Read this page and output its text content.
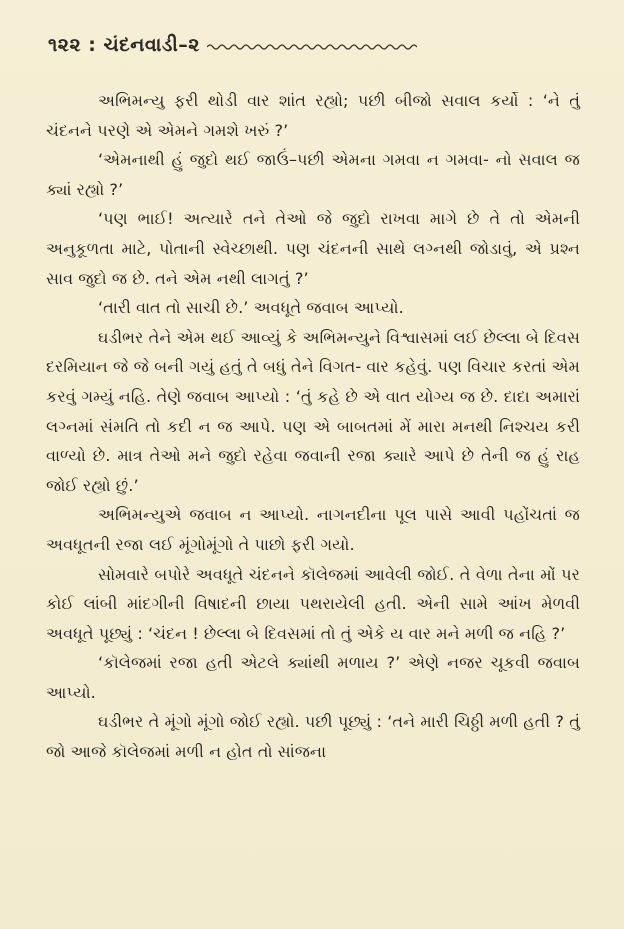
૧૨૨ : ચંદનવાડી–૨

અભિમન્યુ ફરી થોડી વાર શાંત રહ્યો; પછી બીજો સવાલ કર્યો : ‘ને તું ચંદનને પરણે એ એમને ગમશે ખરું ?’

‘એમનાથી હું જુદો થઈ જાઉં–પછી એમના ગમવા ન ગમવા- નો સવાલ જ ક્યાં રહ્યો ?’

‘પણ ભાઈ! અત્યારે તને તેઓ જે જુદો રાખવા માગે છે તે તો એમની અનુકૂળતા માટે, પોતાની સ્વેચ્છાથી. પણ ચંદનની સાથે લગ્નથી જોડાવું, એ પ્રશ્ન સાવ જુદો જ છે. તને એમ નથી લાગતું ?’

‘તારી વાત તો સાચી છે.’ અવધૂતે જવાબ આપ્યો.

ઘડીભર તેને એમ થઈ આવ્યું કે અભિમન્યુને વિશ્વાસમાં લઈ છેલ્લા બે દિવસ દરમિયાન જે જે બની ગયું હતું તે બધું તેને વિગત- વાર કહેવું. પણ વિચાર કરતાં એમ કરવું ગમ્યું નહિ. તેણે જવાબ આપ્યો : ‘તું કહે છે એ વાત યોગ્ય જ છે. દાદા અમારાં લગ્નમાં સંમતિ તો કદી ન જ આપે. પણ એ બાબતમાં મેં મારા મનથી નિશ્ચય કરી વાળ્યો છે. માત્ર તેઓ મને જુદો રહેવા જવાની રજા ક્યારે આપે છે તેની જ હું રાહ જોઈ રહ્યો છું.’

અભિમન્યુએ જવાબ ન આપ્યો. નાગનદીના પૂલ પાસે આવી પહોંચતાં જ અવધૂતની રજા લઈ મૂંગોમૂંગો તે પાછો ફરી ગયો.

સોમવારે બપોરે અવધૂતે ચંદનને કૉલેજમાં આવેલી જોઈ. તે વેળા તેના મોં પર કોઈ લાંબી માંદગીની વિષાદની છાયા પથરાયેલી હતી. એની સામે આંખ મેળવી અવધૂતે પૂછ્યું : ‘ચંદન ! છેલ્લા બે દિવસમાં તો તું એકે ય વાર મને મળી જ નહિ ?’

‘કૉલેજમાં રજા હતી એટલે ક્યાંથી મળાય ?’ એણે નજર ચૂકવી જવાબ આપ્યો.

ઘડીભર તે મૂંગો મૂંગો જોઈ રહ્યો. પછી પૂછ્યું : ‘તને મારી ચિઠ્ઠી મળી હતી ? તું જો આજે કૉલેજમાં મળી ન હોત તો સાંજના
